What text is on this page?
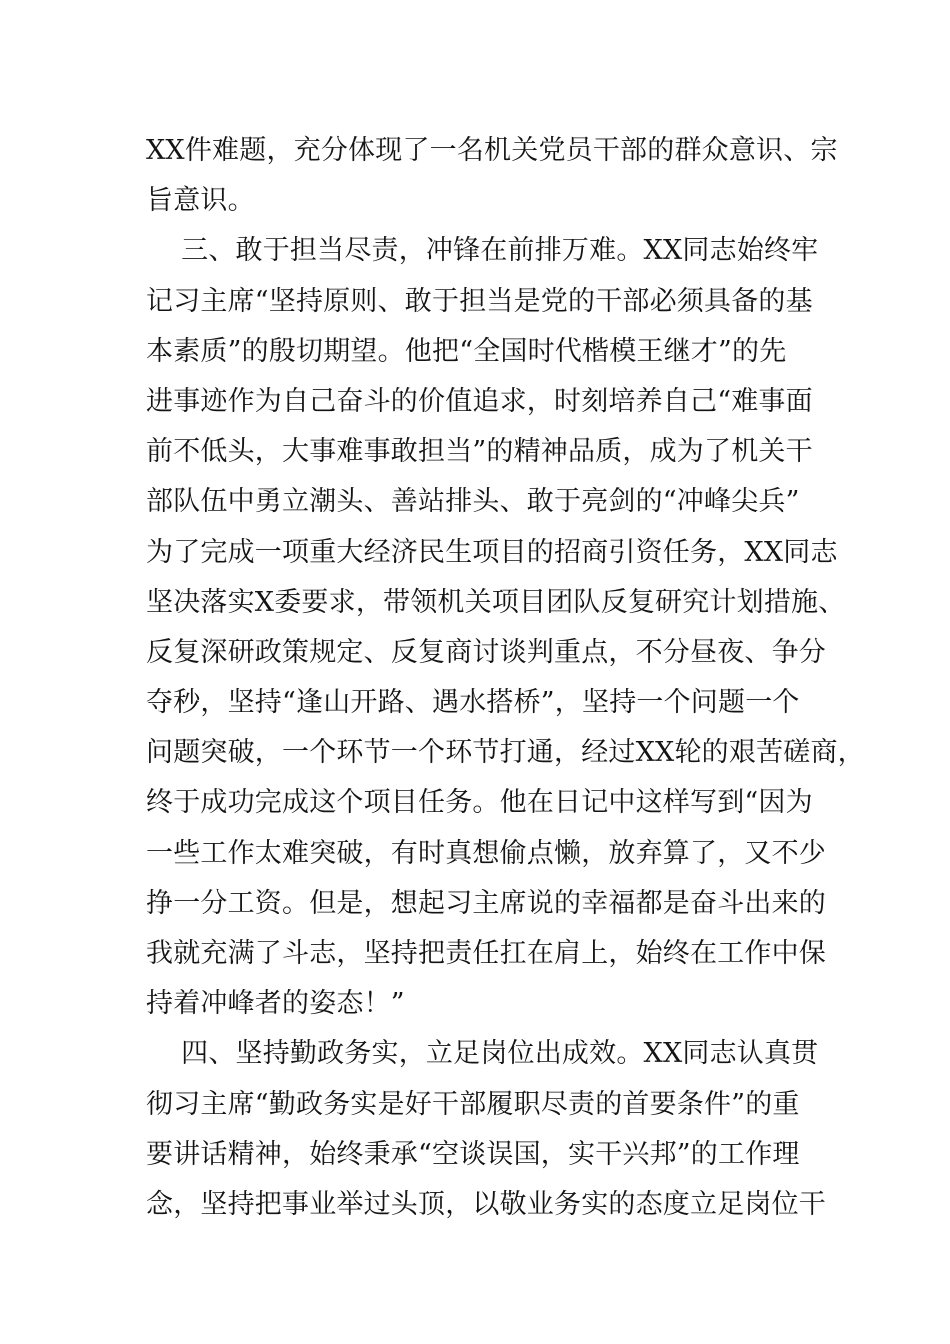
XX件难题，充分体现了一名机关党员干部的群众意识、宗
旨意识。
三、敢于担当尽责，冲锋在前排万难。XX同志始终牢
记习主席“坚持原则、敢于担当是党的干部必须具备的基
本素质”的殷切期望。他把“全国时代楷模王继才”的先
进事迹作为自己奋斗的价值追求，时刻培养自己“难事面
前不低头，大事难事敢担当”的精神品质，成为了机关干
部队伍中勇立潮头、善站排头、敢于亮剑的“冲峰尖兵”
为了完成一项重大经济民生项目的招商引资任务，XX同志
坚决落实X委要求，带领机关项目团队反复研究计划措施、
反复深研政策规定、反复商讨谈判重点，不分昼夜、争分
夺秒，坚持“逢山开路、遇水搭桥”，坚持一个问题一个
问题突破，一个环节一个环节打通，经过XX轮的艰苦磋商，
终于成功完成这个项目任务。他在日记中这样写到“因为
一些工作太难突破，有时真想偷点懒，放弃算了，又不少
挣一分工资。但是，想起习主席说的幸福都是奋斗出来的
我就充满了斗志，坚持把责任扛在肩上，始终在工作中保
持着冲峰者的姿态！”
四、坚持勤政务实，立足岗位出成效。XX同志认真贯
彻习主席“勤政务实是好干部履职尽责的首要条件”的重
要讲话精神，始终秉承“空谈误国，实干兴邦”的工作理
念，坚持把事业举过头顶，以敬业务实的态度立足岗位干
